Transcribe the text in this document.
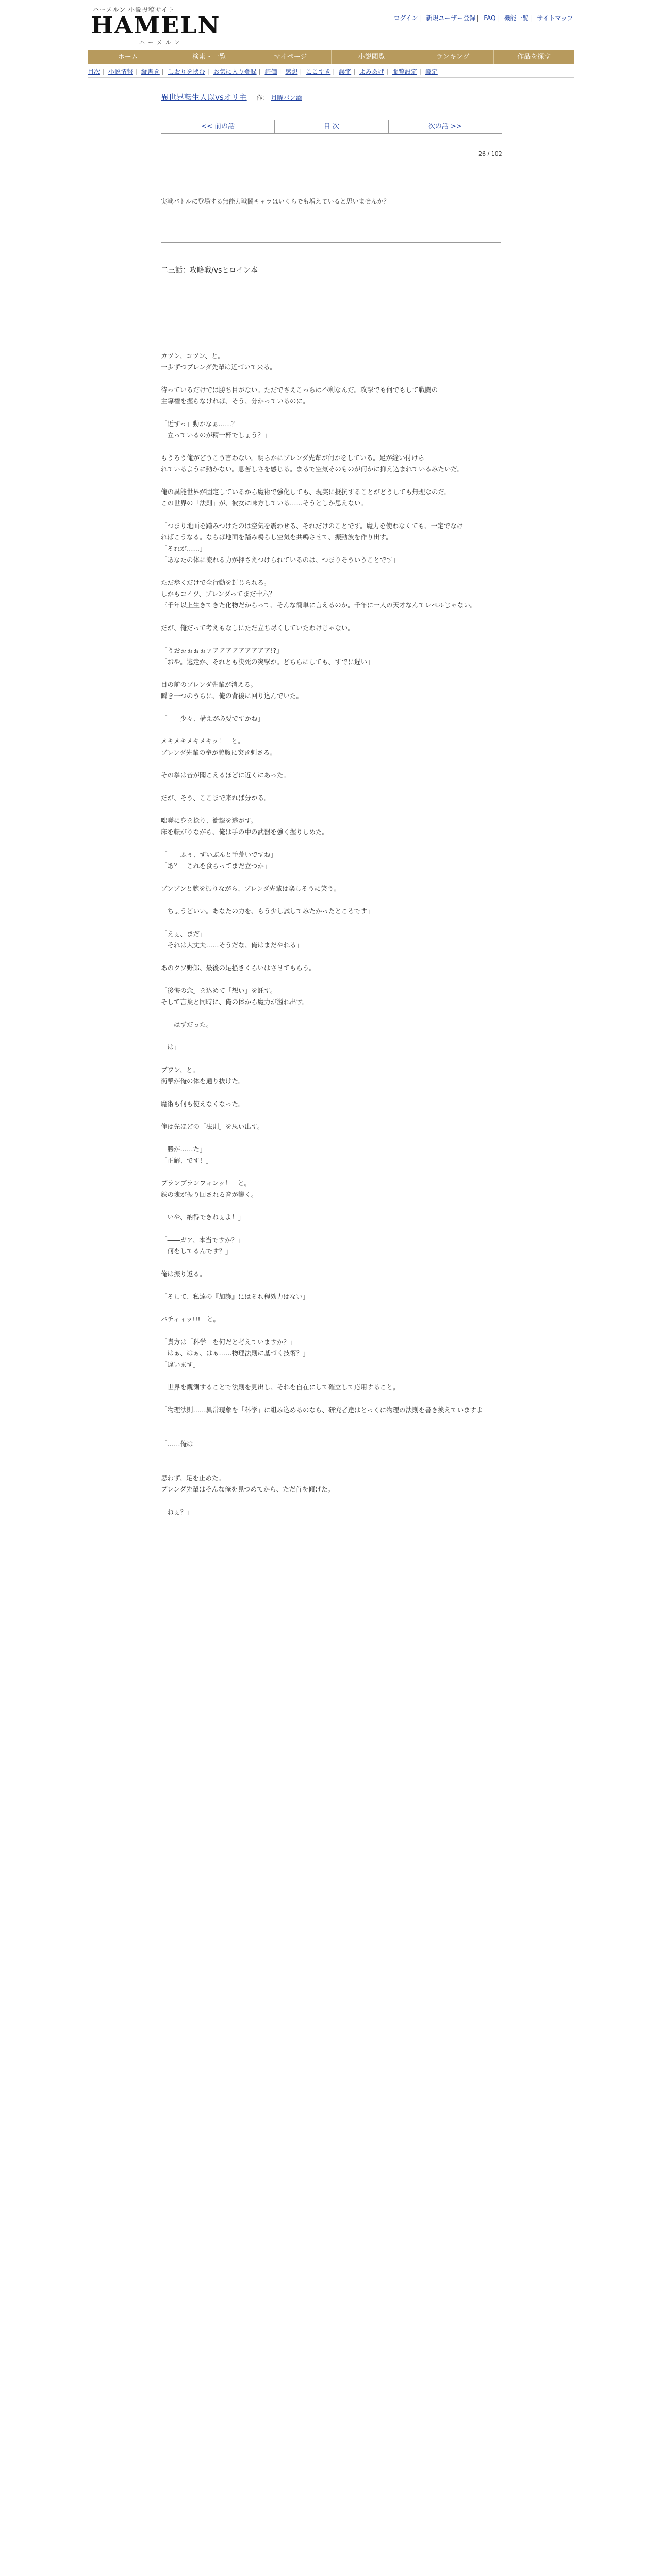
ハーメルン 小説投稿サイト
HAMELN
ハーメルン
ログイン | 新規ユーザー登録 | FAQ | 機能一覧 | サイトマップ
ホーム	検索・一覧	マイページ	小説閲覧	ランキング	作品を探す
目次 | 小説情報 | 縦書き | しおりを挟む | お気に入り登録 | 評価 | 感想 | ここすき | 誤字 | よみあげ | 閲覧設定 | 設定
異世界転生人以vsオリ主 作： 月曜パン酒
<< 前の話	目 次	次の話 >>
26 / 102
実戦バトルに登場する無能力戦闘キャラはいくらでも増えていると思いませんか？
二三話：攻略戦/vsヒロイン本

カツン、コツン、と。

一歩ずつブレンダ先輩は近づいて来る。

待っているだけでは勝ち目がない。ただでさえこっちは不利なんだ。攻撃でも何でもして戦闘の

主導権を握らなければ、そう、分かっているのに。

「近ずっ」動かなぁ……？」

「立っているのが精一杯でしょう？」

もうろう俺がどうこう言わない。明らかにブレンダ先輩が何かをしている。足が縫い付けら

れているように動かない。息苦しさを感じる。まるで空気そのものが何かに抑え込まれているみたいだ。

俺の異能世界が固定しているから魔術で強化しても、現実に抵抗することがどうしても無理なのだ。

この世界の「法則」が、彼女に味方している……そうとしか思えない。

「つまり地面を踏みつけたのは空気を震わせる、それだけのことです。魔力を使わなくても、一定でなけ

ればこうなる。ならば地面を踏み鳴らし空気を共鳴させて、振動波を作り出す。

「それが……」

「あなたの体に流れる力が押さえつけられているのは、つまりそういうことです」

ただ歩くだけで全行動を封じられる。

しかもコイツ、ブレンダってまだ十六？

三千年以上生きてきた化物だからって、そんな簡単に言えるのか。千年に一人の天才なんてレベルじゃない。

だが、俺だって考えもなしにただ立ち尽くしていたわけじゃない。

「うおぉぉぉぉァアアアアアアアアア!?」

「おや。逃走か、それとも決死の突撃か。どちらにしても、すでに遅い」

目の前のブレンダ先輩が消える。

瞬き一つのうちに、俺の背後に回り込んでいた。

「――少々、構えが必要ですかね」

メキメキメキメキッ！　と。

ブレンダ先輩の拳が脇腹に突き刺さる。

その拳は音が聞こえるほどに近くにあった。

だが、そう、ここまで来れば分かる。

咄嗟に身を捻り、衝撃を逃がす。

床を転がりながら、俺は手の中の武器を強く握りしめた。

「――ふぅ、ずいぶんと手荒いですね」

「あ？　これを食らってまだ立つか」

ブンブンと腕を振りながら、ブレンダ先輩は楽しそうに笑う。

「ちょうどいい。あなたの力を、もう少し試してみたかったところです」

「えぇ、まだ」

「それは大丈夫……そうだな、俺はまだやれる」

あのクソ野郎、最後の足掻きくらいはさせてもらう。

「後悔の念」を込めて「想い」を託す。

そして言葉と同時に、俺の体から魔力が溢れ出す。

――はずだった。

「は」

ブワン、と。

衝撃が俺の体を通り抜けた。

魔術も何も使えなくなった。

俺は先ほどの「法則」を思い出す。

「勝が……た」

「正解、です！」

ブランブランフォンッ！　と。

鉄の塊が振り回される音が響く。

「いや、納得できねぇよ！」

「――ガア、本当ですか？」

「何をしてるんです？」

俺は振り返る。

「そして、私達の『加護』にはそれ程効力はない」

バチィィッ!!!　と。

「貴方は「科学」を何だと考えていますか？」

「はぁ、はぁ、はぁ……物理法則に基づく技術？」

「違います」

「世界を観測することで法則を見出し、それを自在にして確立して応用すること。

「物理法則……異常現象を「科学」に組み込めるのなら、研究者達はとっくに物理の法則を書き換えていますよ

「……俺は」

思わず、足を止めた。

ブレンダ先輩はそんな俺を見つめてから、ただ首を傾げた。

「ねぇ？」
